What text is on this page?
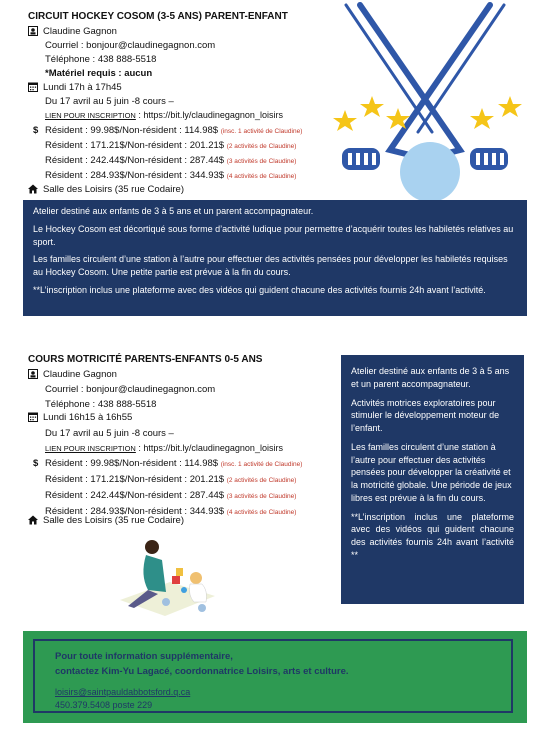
CIRCUIT HOCKEY COSOM (3-5 ANS) PARENT-ENFANT
Claudine Gagnon
Courriel : bonjour@claudinegagnon.com
Téléphone : 438 888-5518
*Matériel requis : aucun
Lundi 17h à 17h45
Du 17 avril au 5 juin -8 cours –
LIEN POUR INSCRIPTION : https://bit.ly/claudinegagnon_loisirs
$ Résident : 99.98$/Non-résident : 114.98$ (insc. 1 activité de Claudine)
Résident : 171.21$/Non-résident : 201.21$ (2 activités de Claudine)
Résident : 242.44$/Non-résident : 287.44$ (3 activités de Claudine)
Résident : 284.93$/Non-résident : 344.93$ (4 activités de Claudine)
Salle des Loisirs (35 rue Codaire)

Atelier destiné aux enfants de 3 à 5 ans et un parent accompagnateur.

Le Hockey Cosom est décortiqué sous forme d’activité ludique pour permettre d’acquérir toutes les habiletés relatives au sport.

Les familles circulent d’une station à l’autre pour effectuer des activités pensées pour développer les habiletés requises au Hockey Cosom. Une petite partie est prévue à la fin du cours.

**L’inscription inclus une plateforme avec des vidéos qui guident chacune des activités fournis 24h avant l’activité.

COURS MOTRICITÉ PARENTS-ENFANTS 0-5 ANS
Claudine Gagnon
Courriel : bonjour@claudinegagnon.com
Téléphone : 438 888-5518
Lundi 16h15 à 16h55
Du 17 avril au 5 juin -8 cours –
LIEN POUR INSCRIPTION : https://bit.ly/claudinegagnon_loisirs
$ Résident : 99.98$/Non-résident : 114.98$ (insc. 1 activité de Claudine)
Résident : 171.21$/Non-résident : 201.21$ (2 activités de Claudine)
Résident : 242.44$/Non-résident : 287.44$ (3 activités de Claudine)
Résident : 284.93$/Non-résident : 344.93$ (4 activités de Claudine)
Salle des Loisirs (35 rue Codaire)

Atelier destiné aux enfants de 3 à 5 ans et un parent accompagnateur.

Activités motrices exploratoires pour stimuler le développement moteur de l’enfant.

Les familles circulent d’une station à l’autre pour effectuer des activités pensées pour développer la créativité et la motricité globale. Une période de jeux libres est prévue à la fin du cours.

**L’inscription inclus une plateforme avec des vidéos qui guident chacune des activités fournis 24h avant l’activité **

Pour toute information supplémentaire,
contactez Kim-Yu Lagacé, coordonnatrice Loisirs, arts et culture.
loisirs@saintpauldabbotsford.q.ca
450.379.5408 poste 229
